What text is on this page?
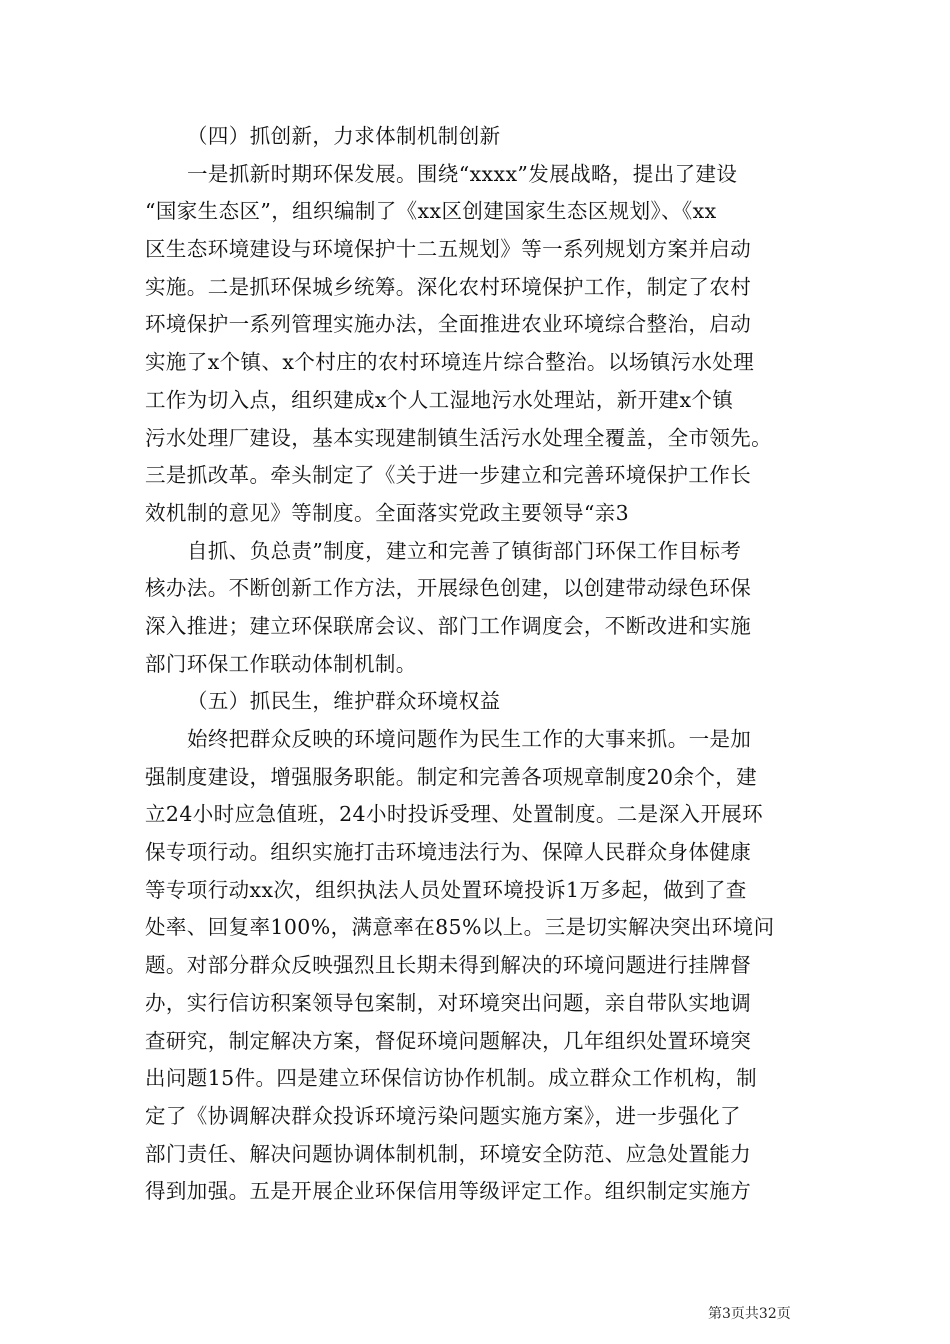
（四）抓创新，力求体制机制创新
一是抓新时期环保发展。围绕“xxxx”发展战略，提出了建设
“国家生态区”，组织编制了《xx区创建国家生态区规划》、《xx
区生态环境建设与环境保护十二五规划》等一系列规划方案并启动
实施。二是抓环保城乡统筹。深化农村环境保护工作，制定了农村
环境保护一系列管理实施办法，全面推进农业环境综合整治，启动
实施了x个镇、x个村庄的农村环境连片综合整治。以场镇污水处理
工作为切入点，组织建成x个人工湿地污水处理站，新开建x个镇
污水处理厂建设，基本实现建制镇生活污水处理全覆盖，全市领先。
三是抓改革。牵头制定了《关于进一步建立和完善环境保护工作长
效机制的意见》等制度。全面落实党政主要领导“亲3
自抓、负总责”制度，建立和完善了镇街部门环保工作目标考
核办法。不断创新工作方法，开展绿色创建，以创建带动绿色环保
深入推进；建立环保联席会议、部门工作调度会，不断改进和实施
部门环保工作联动体制机制。
（五）抓民生，维护群众环境权益
始终把群众反映的环境问题作为民生工作的大事来抓。一是加
强制度建设，增强服务职能。制定和完善各项规章制度20余个，建
立24小时应急值班，24小时投诉受理、处置制度。二是深入开展环
保专项行动。组织实施打击环境违法行为、保障人民群众身体健康
等专项行动xx次，组织执法人员处置环境投诉1万多起，做到了查
处率、回复率100%，满意率在85%以上。三是切实解决突出环境问
题。对部分群众反映强烈且长期未得到解决的环境问题进行挂牌督
办，实行信访积案领导包案制，对环境突出问题，亲自带队实地调
查研究，制定解决方案，督促环境问题解决，几年组织处置环境突
出问题15件。四是建立环保信访协作机制。成立群众工作机构，制
定了《协调解决群众投诉环境污染问题实施方案》，进一步强化了
部门责任、解决问题协调体制机制，环境安全防范、应急处置能力
得到加强。五是开展企业环保信用等级评定工作。组织制定实施方
第3页共32页
